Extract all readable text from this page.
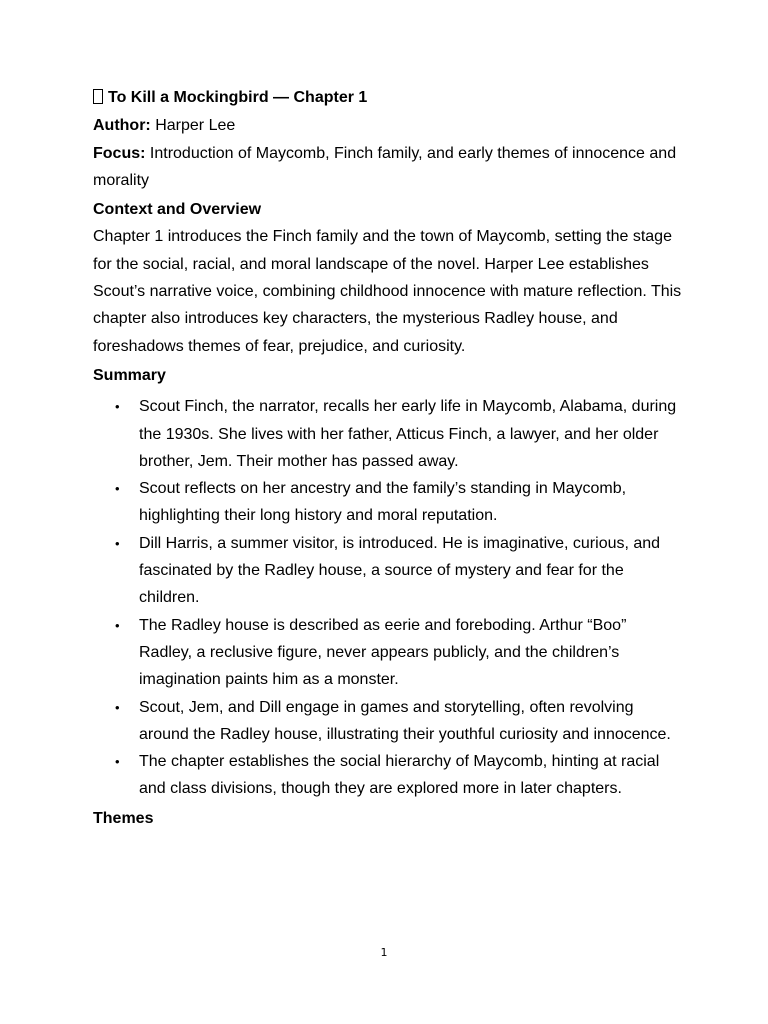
To Kill a Mockingbird — Chapter 1

Author: Harper Lee

Focus: Introduction of Maycomb, Finch family, and early themes of innocence and morality

Context and Overview

Chapter 1 introduces the Finch family and the town of Maycomb, setting the stage for the social, racial, and moral landscape of the novel. Harper Lee establishes Scout’s narrative voice, combining childhood innocence with mature reflection. This chapter also introduces key characters, the mysterious Radley house, and foreshadows themes of fear, prejudice, and curiosity.

Summary

• Scout Finch, the narrator, recalls her early life in Maycomb, Alabama, during the 1930s. She lives with her father, Atticus Finch, a lawyer, and her older brother, Jem. Their mother has passed away.
• Scout reflects on her ancestry and the family’s standing in Maycomb, highlighting their long history and moral reputation.
• Dill Harris, a summer visitor, is introduced. He is imaginative, curious, and fascinated by the Radley house, a source of mystery and fear for the children.
• The Radley house is described as eerie and foreboding. Arthur “Boo” Radley, a reclusive figure, never appears publicly, and the children’s imagination paints him as a monster.
• Scout, Jem, and Dill engage in games and storytelling, often revolving around the Radley house, illustrating their youthful curiosity and innocence.
• The chapter establishes the social hierarchy of Maycomb, hinting at racial and class divisions, though they are explored more in later chapters.

Themes

1
